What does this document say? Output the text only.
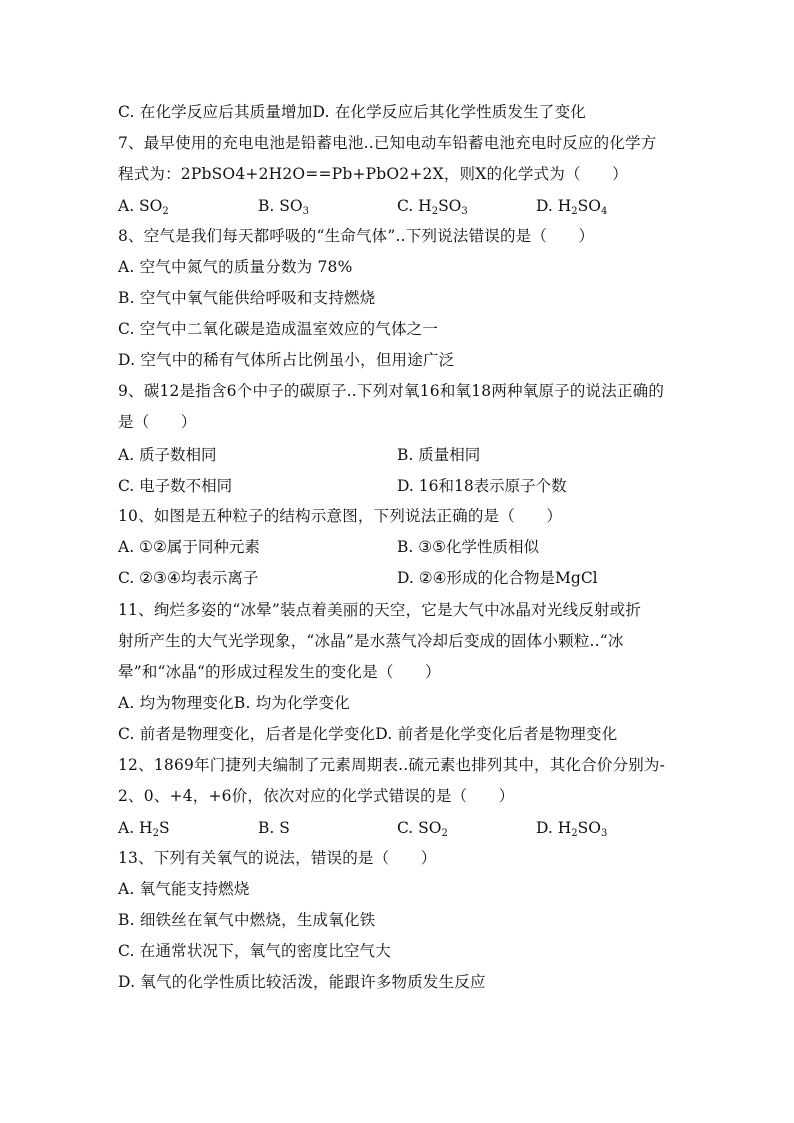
C. 在化学反应后其质量增加D. 在化学反应后其化学性质发生了变化
7、最早使用的充电电池是铅蓄电池..已知电动车铅蓄电池充电时反应的化学方
程式为：2PbSO4+2H2O==Pb+PbO2+2X，则X的化学式为（　　）
A. $SO_2$	B. $SO_3$	C. $H_2SO_3$	D. $H_2SO_4$
8、空气是我们每天都呼吸的“生命气体”..下列说法错误的是（　　）
A. 空气中氮气的质量分数为 78%
B. 空气中氧气能供给呼吸和支持燃烧
C. 空气中二氧化碳是造成温室效应的气体之一
D. 空气中的稀有气体所占比例虽小，但用途广泛
9、碳12是指含6个中子的碳原子..下列对氧16和氧18两种氧原子的说法正确的
是（　　）
A. 质子数相同	B. 质量相同
C. 电子数不相同	D. 16和18表示原子个数
10、如图是五种粒子的结构示意图，下列说法正确的是（　　）
A. ①②属于同种元素	B. ③⑤化学性质相似
C. ②③④均表示离子	D. ②④形成的化合物是MgCl
11、绚烂多姿的“冰晕”装点着美丽的天空，它是大气中冰晶对光线反射或折
射所产生的大气光学现象，“冰晶”是水蒸气冷却后变成的固体小颗粒..“冰
晕”和“冰晶“的形成过程发生的变化是（　　）
A. 均为物理变化B. 均为化学变化
C. 前者是物理变化，后者是化学变化D. 前者是化学变化后者是物理变化
12、1869年门捷列夫编制了元素周期表..硫元素也排列其中，其化合价分别为-
2、0、+4，+6价，依次对应的化学式错误的是（　　）
A. $H_2S$	B. S	C. $SO_2$	D. $H_2SO_3$
13、下列有关氧气的说法，错误的是（　　）
A. 氧气能支持燃烧
B. 细铁丝在氧气中燃烧，生成氧化铁
C. 在通常状况下，氧气的密度比空气大
D. 氧气的化学性质比较活泼，能跟许多物质发生反应
